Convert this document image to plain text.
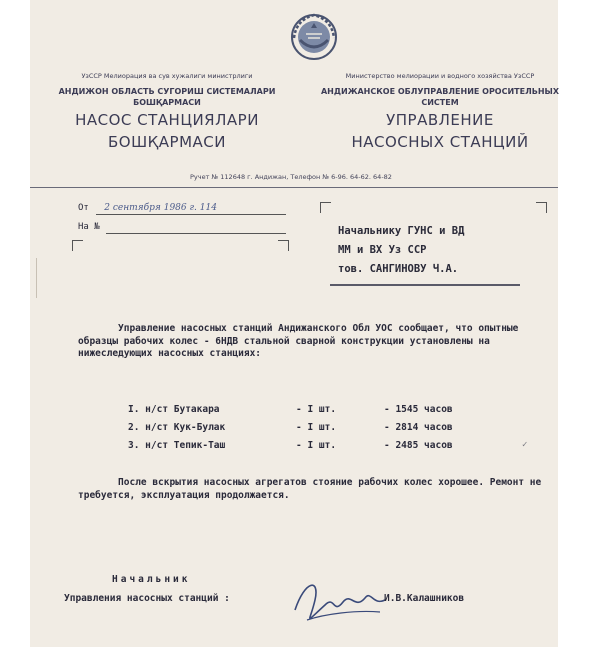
УзССР Мелиорация ва сув хужалиги министрлиги
АНДИЖОН ОБЛАСТЬ СУГОРИШ СИСТЕМАЛАРИ БОШҚАРМАСИ
НАСОС СТАНЦИЯЛАРИ
БОШҚАРМАСИ
Министерство мелиорации и водного хозяйства УзССР
АНДИЖАНСКОЕ ОБЛУПРАВЛЕНИЕ ОРОСИТЕЛЬНЫХ СИСТЕМ
УПРАВЛЕНИЕ
НАСОСНЫХ СТАНЦИЙ
Ручет № 112648 г. Андижан, Телефон № 6-96. 64-62. 64-82
От 2 сентября 1986 г. 114
На №	Начальнику ГУНС и ВД
ММ и ВХ Уз ССР
тов. САНГИНОВУ Ч.А.
Управление насосных станций Андижанского Обл УОС сообщает, что опытные образцы рабочих колес - 6НДВ стальной сварной конструкции установлены на нижеследующих насосных станциях:
I. н/ст Бутакара	- I шт.	- 1545 часов
2. н/ст Кук-Булак	- I шт.	- 2814 часов
3. н/ст Тепик-Таш	- I шт.	- 2485 часов	✓
После вскрытия насосных агрегатов стояние рабочих колес хорошее. Ремонт не требуется, эксплуатация продолжается.
Начальник
Управления насосных станций :	И.В.Калашников
